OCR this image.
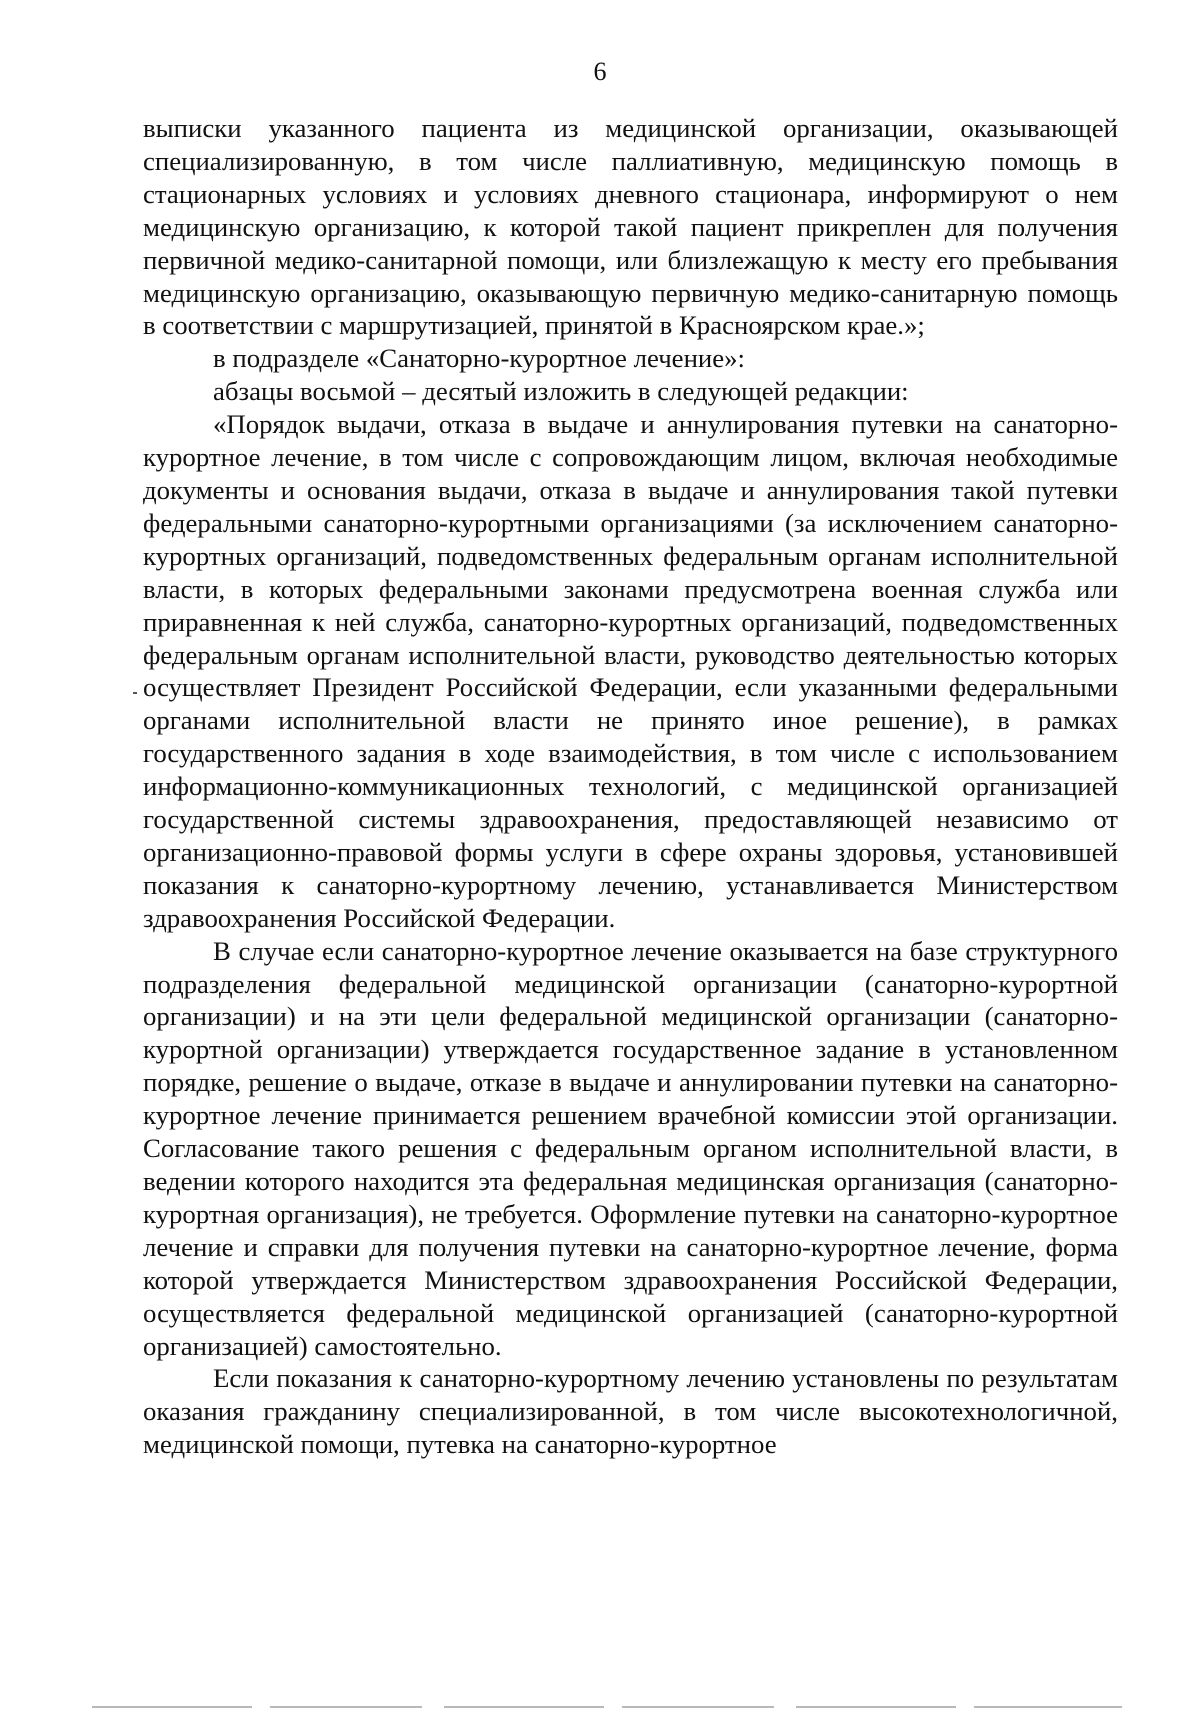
6

выписки указанного пациента из медицинской организации, оказывающей специализированную, в том числе паллиативную, медицинскую помощь в стационарных условиях и условиях дневного стационара, информируют о нем медицинскую организацию, к которой такой пациент прикреплен для получения первичной медико-санитарной помощи, или близлежащую к месту его пребывания медицинскую организацию, оказывающую первичную медико-санитарную помощь в соответствии с маршрутизацией, принятой в Красноярском крае.»;

в подразделе «Санаторно-курортное лечение»:

абзацы восьмой – десятый изложить в следующей редакции:

«Порядок выдачи, отказа в выдаче и аннулирования путевки на санаторно-курортное лечение, в том числе с сопровождающим лицом, включая необходимые документы и основания выдачи, отказа в выдаче и аннулирования такой путевки федеральными санаторно-курортными организациями (за исключением санаторно-курортных организаций, подведомственных федеральным органам исполнительной власти, в которых федеральными законами предусмотрена военная служба или приравненная к ней служба, санаторно-курортных организаций, подведомственных федеральным органам исполнительной власти, руководство деятельностью которых осуществляет Президент Российской Федерации, если указанными федеральными органами исполнительной власти не принято иное решение), в рамках государственного задания в ходе взаимодействия, в том числе с использованием информационно-коммуникационных технологий, с медицинской организацией государственной системы здравоохранения, предоставляющей независимо от организационно-правовой формы услуги в сфере охраны здоровья, установившей показания к санаторно-курортному лечению, устанавливается Министерством здравоохранения Российской Федерации.

В случае если санаторно-курортное лечение оказывается на базе структурного подразделения федеральной медицинской организации (санаторно-курортной организации) и на эти цели федеральной медицинской организации (санаторно-курортной организации) утверждается государственное задание в установленном порядке, решение о выдаче, отказе в выдаче и аннулировании путевки на санаторно-курортное лечение принимается решением врачебной комиссии этой организации. Согласование такого решения с федеральным органом исполнительной власти, в ведении которого находится эта федеральная медицинская организация (санаторно-курортная организация), не требуется. Оформление путевки на санаторно-курортное лечение и справки для получения путевки на санаторно-курортное лечение, форма которой утверждается Министерством здравоохранения Российской Федерации, осуществляется федеральной медицинской организацией (санаторно-курортной организацией) самостоятельно.

Если показания к санаторно-курортному лечению установлены по результатам оказания гражданину специализированной, в том числе высокотехнологичной, медицинской помощи, путевка на санаторно-курортное
